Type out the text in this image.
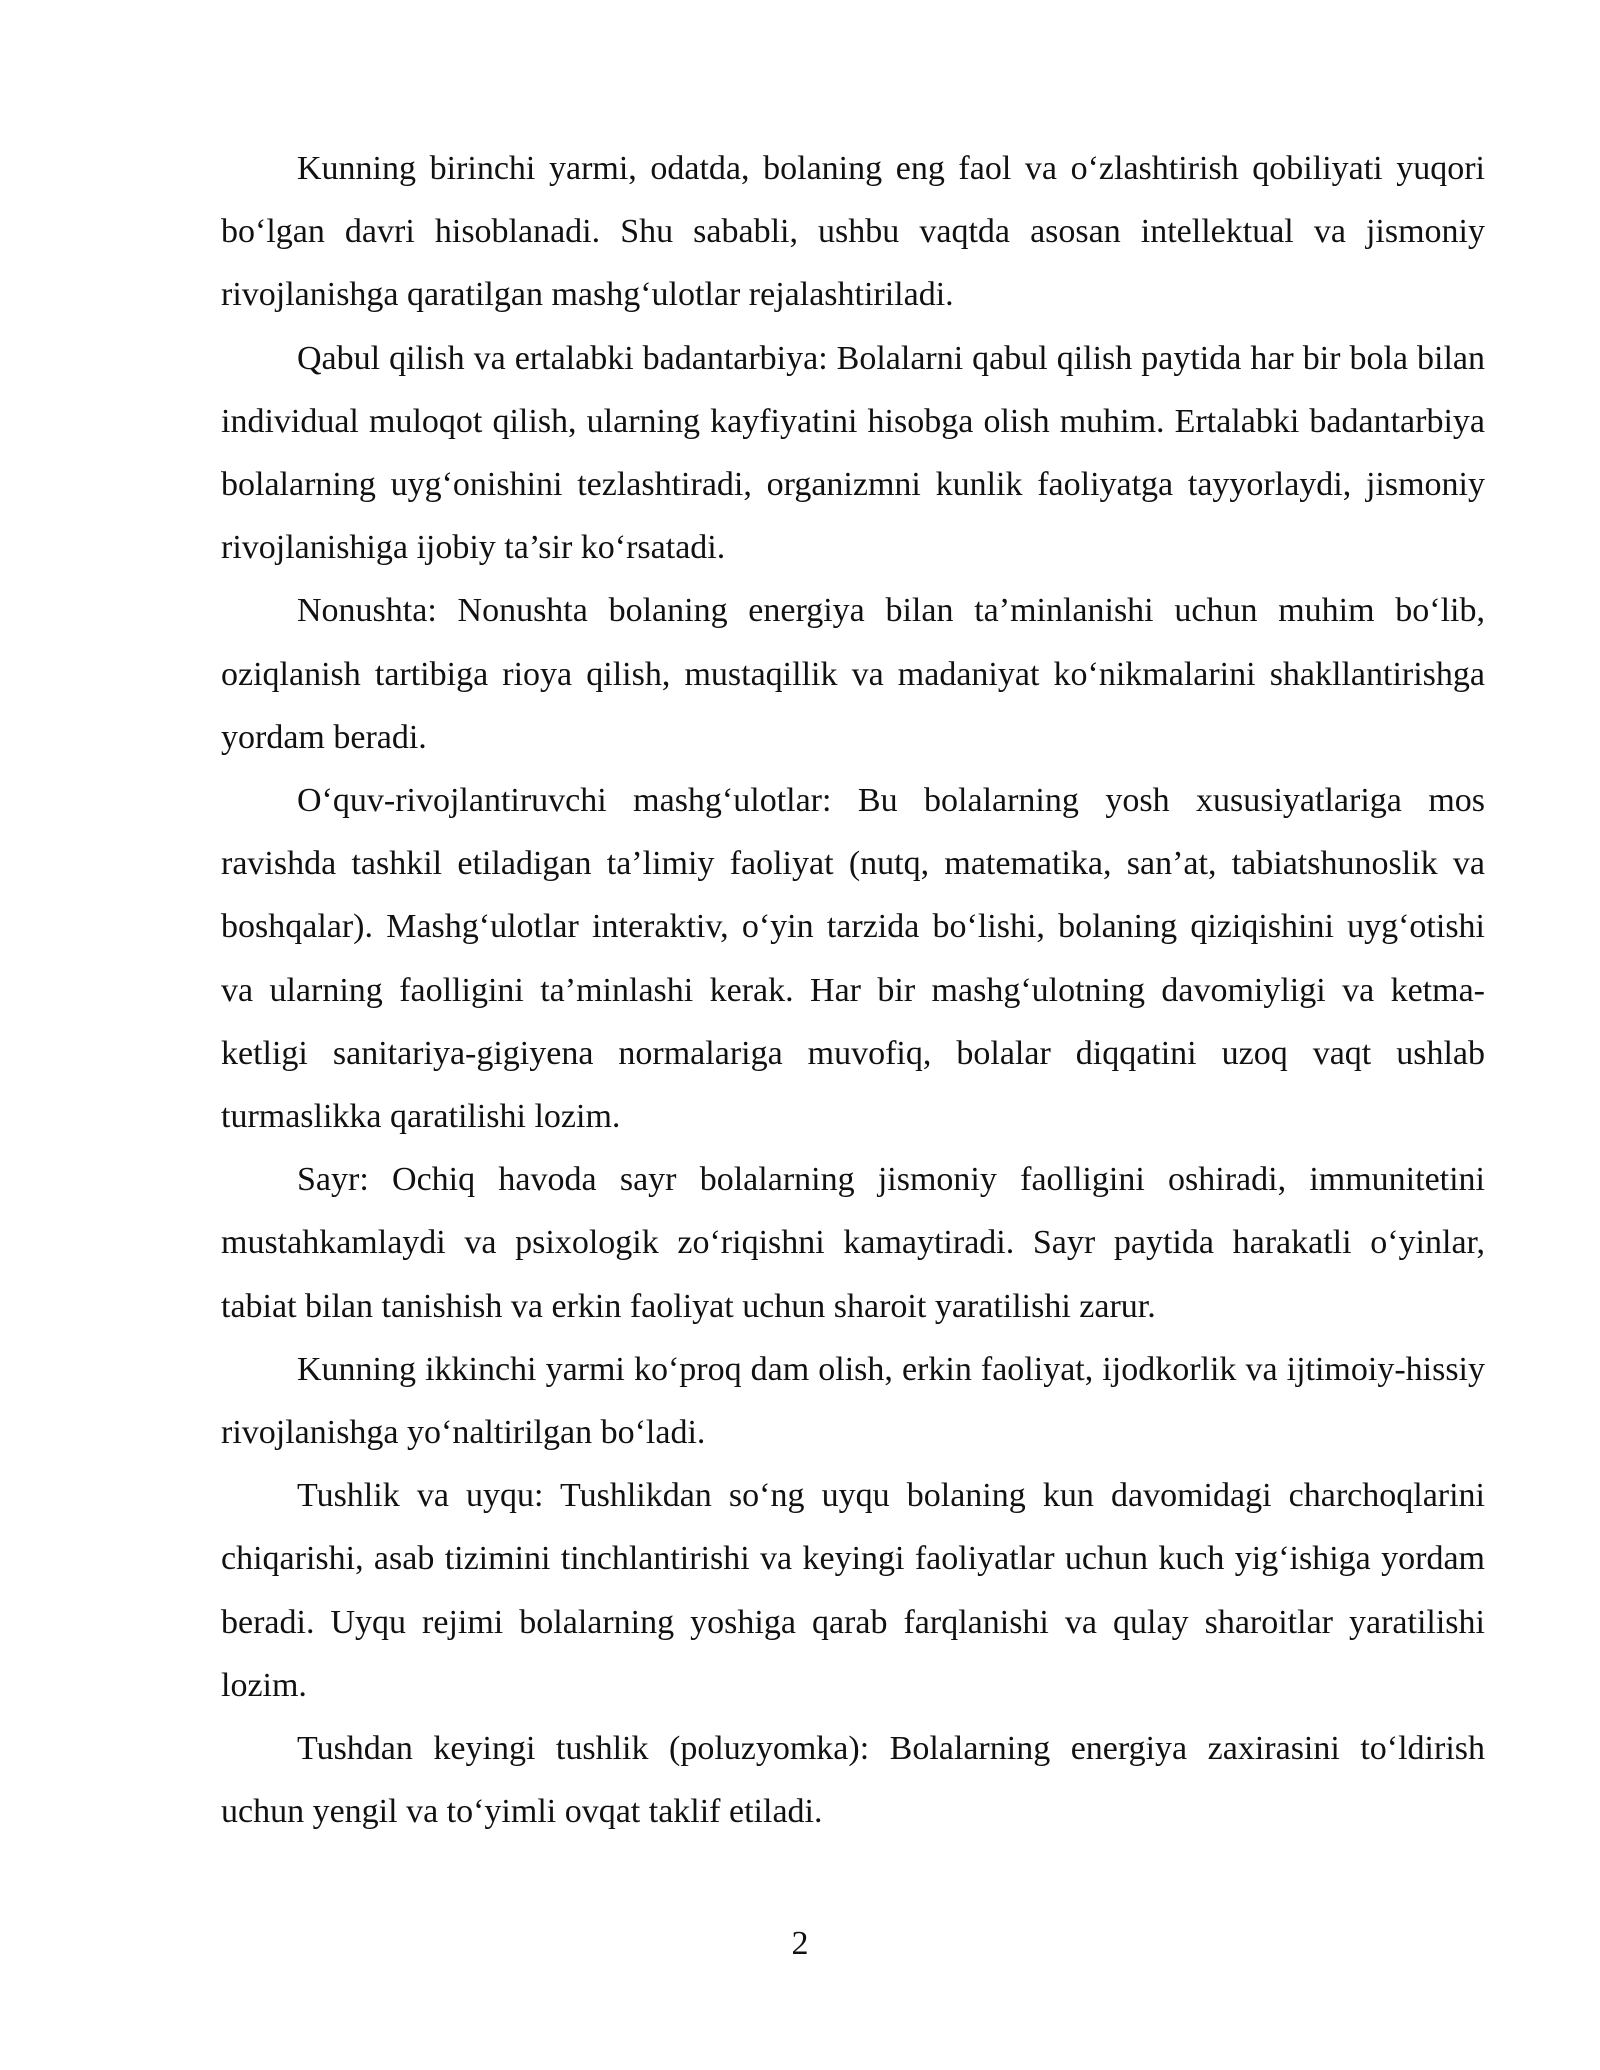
Kunning birinchi yarmi, odatda, bolaning eng faol va o‘zlashtirish qobiliyati yuqori bo‘lgan davri hisoblanadi. Shu sababli, ushbu vaqtda asosan intellektual va jismoniy rivojlanishga qaratilgan mashg‘ulotlar rejalashtiriladi.

Qabul qilish va ertalabki badantarbiya: Bolalarni qabul qilish paytida har bir bola bilan individual muloqot qilish, ularning kayfiyatini hisobga olish muhim. Ertalabki badantarbiya bolalarning uyg‘onishini tezlashtiradi, organizmni kunlik faoliyatga tayyorlaydi, jismoniy rivojlanishiga ijobiy ta’sir ko‘rsatadi.

Nonushta: Nonushta bolaning energiya bilan ta’minlanishi uchun muhim bo‘lib, oziqlanish tartibiga rioya qilish, mustaqillik va madaniyat ko‘nikmalarini shakllantirishga yordam beradi.

O‘quv-rivojlantiruvchi mashg‘ulotlar: Bu bolalarning yosh xususiyatlariga mos ravishda tashkil etiladigan ta’limiy faoliyat (nutq, matematika, san’at, tabiatshunoslik va boshqalar). Mashg‘ulotlar interaktiv, o‘yin tarzida bo‘lishi, bolaning qiziqishini uyg‘otishi va ularning faolligini ta’minlashi kerak. Har bir mashg‘ulotning davomiyligi va ketma-ketligi sanitariya-gigiyena normalariga muvofiq, bolalar diqqatini uzoq vaqt ushlab turmaslikka qaratilishi lozim.

Sayr: Ochiq havoda sayr bolalarning jismoniy faolligini oshiradi, immunitetini mustahkamlaydi va psixologik zo‘riqishni kamaytiradi. Sayr paytida harakatli o‘yinlar, tabiat bilan tanishish va erkin faoliyat uchun sharoit yaratilishi zarur.

Kunning ikkinchi yarmi ko‘proq dam olish, erkin faoliyat, ijodkorlik va ijtimoiy-hissiy rivojlanishga yo‘naltirilgan bo‘ladi.

Tushlik va uyqu: Tushlikdan so‘ng uyqu bolaning kun davomidagi charchoqlarini chiqarishi, asab tizimini tinchlantirishi va keyingi faoliyatlar uchun kuch yig‘ishiga yordam beradi. Uyqu rejimi bolalarning yoshiga qarab farqlanishi va qulay sharoitlar yaratilishi lozim.

Tushdan keyingi tushlik (poluzyomka): Bolalarning energiya zaxirasini to‘ldirish uchun yengil va to‘yimli ovqat taklif etiladi.

2
